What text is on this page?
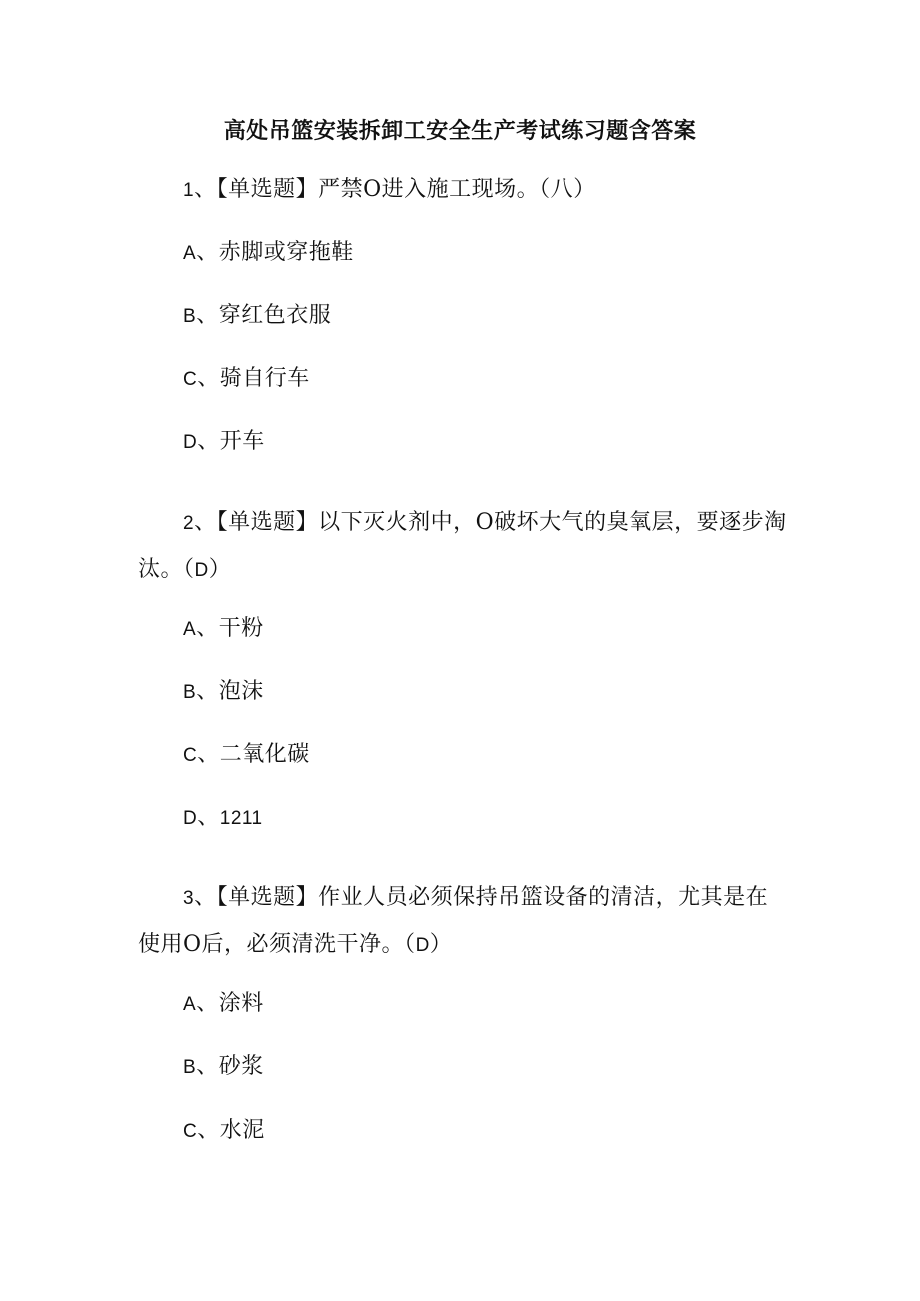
高处吊篮安装拆卸工安全生产考试练习题含答案
1、【单选题】严禁O进入施工现场。（八）
A、赤脚或穿拖鞋
B、穿红色衣服
C、骑自行车
D、开车
2、【单选题】以下灭火剂中，O破坏大气的臭氧层，要逐步淘汰。（D）
A、干粉
B、泡沫
C、二氧化碳
D、1211
3、【单选题】作业人员必须保持吊篮设备的清洁，尤其是在使用O后，必须清洗干净。（D）
A、涂料
B、砂浆
C、水泥
